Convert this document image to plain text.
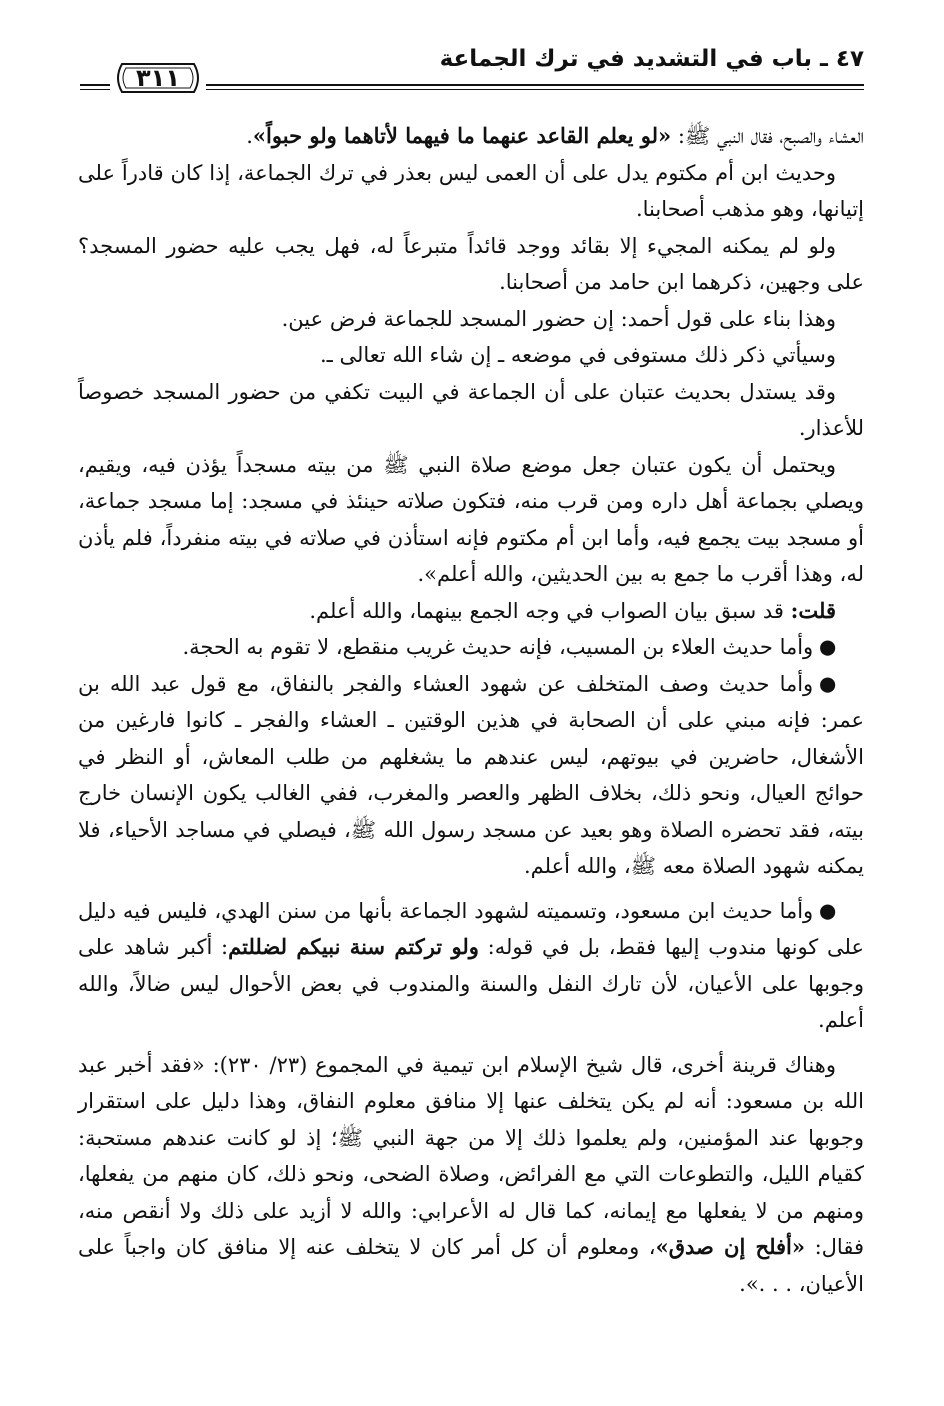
٤٧ ـ باب في التشديد في ترك الجماعة
٣١١

العشاء والصبح، فقال النبي ﷺ: «لو يعلم القاعد عنهما ما فيهما لأتاهما ولو حبواً».

وحديث ابن أم مكتوم يدل على أن العمى ليس بعذر في ترك الجماعة، إذا كان قادراً على إتيانها، وهو مذهب أصحابنا.

ولو لم يمكنه المجيء إلا بقائد ووجد قائداً متبرعاً له، فهل يجب عليه حضور المسجد؟ على وجهين، ذكرهما ابن حامد من أصحابنا.

وهذا بناء على قول أحمد: إن حضور المسجد للجماعة فرض عين.

وسيأتي ذكر ذلك مستوفى في موضعه ـ إن شاء الله تعالى ـ.

وقد يستدل بحديث عتبان على أن الجماعة في البيت تكفي من حضور المسجد خصوصاً للأعذار.

ويحتمل أن يكون عتبان جعل موضع صلاة النبي ﷺ من بيته مسجداً يؤذن فيه، ويقيم، ويصلي بجماعة أهل داره ومن قرب منه، فتكون صلاته حينئذ في مسجد: إما مسجد جماعة، أو مسجد بيت يجمع فيه، وأما ابن أم مكتوم فإنه استأذن في صلاته في بيته منفرداً، فلم يأذن له، وهذا أقرب ما جمع به بين الحديثين، والله أعلم».

قلت: قد سبق بيان الصواب في وجه الجمع بينهما، والله أعلم.

⬤وأما حديث العلاء بن المسيب، فإنه حديث غريب منقطع، لا تقوم به الحجة.

⬤وأما حديث وصف المتخلف عن شهود العشاء والفجر بالنفاق، مع قول عبد الله بن عمر: فإنه مبني على أن الصحابة في هذين الوقتين ـ العشاء والفجر ـ كانوا فارغين من الأشغال، حاضرين في بيوتهم، ليس عندهم ما يشغلهم من طلب المعاش، أو النظر في حوائج العيال، ونحو ذلك، بخلاف الظهر والعصر والمغرب، ففي الغالب يكون الإنسان خارج بيته، فقد تحضره الصلاة وهو بعيد عن مسجد رسول الله ﷺ، فيصلي في مساجد الأحياء، فلا يمكنه شهود الصلاة معه ﷺ، والله أعلم.

⬤وأما حديث ابن مسعود، وتسميته لشهود الجماعة بأنها من سنن الهدي، فليس فيه دليل على كونها مندوب إليها فقط، بل في قوله: ولو تركتم سنة نبيكم لضللتم: أكبر شاهد على وجوبها على الأعيان، لأن تارك النفل والسنة والمندوب في بعض الأحوال ليس ضالاً، والله أعلم.

وهناك قرينة أخرى، قال شيخ الإسلام ابن تيمية في المجموع (٢٣/ ٢٣٠): «فقد أخبر عبد الله بن مسعود: أنه لم يكن يتخلف عنها إلا منافق معلوم النفاق، وهذا دليل على استقرار وجوبها عند المؤمنين، ولم يعلموا ذلك إلا من جهة النبي ﷺ؛ إذ لو كانت عندهم مستحبة: كقيام الليل، والتطوعات التي مع الفرائض، وصلاة الضحى، ونحو ذلك، كان منهم من يفعلها، ومنهم من لا يفعلها مع إيمانه، كما قال له الأعرابي: والله لا أزيد على ذلك ولا أنقص منه، فقال: «أفلح إن صدق»، ومعلوم أن كل أمر كان لا يتخلف عنه إلا منافق كان واجباً على الأعيان، . . .».
